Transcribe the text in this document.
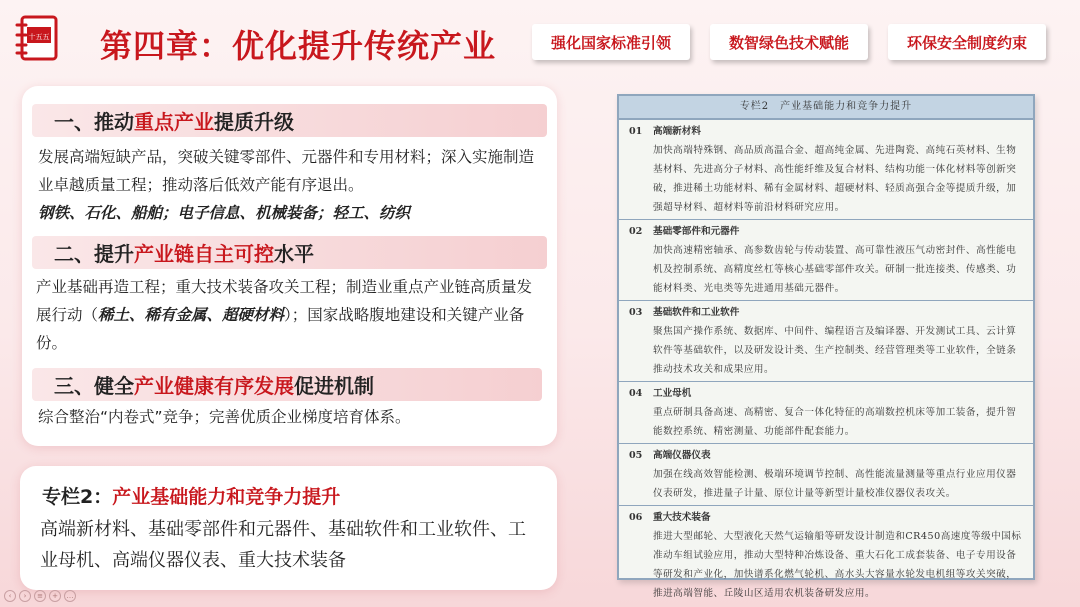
十五五 第四章：优化提升传统产业	强化国家标准引领	数智绿色技术赋能	环保安全制度约束
一、推动 重点产业 提质升级
发展高端短缺产品，突破关键零部件、元器件和专用材料；深入实施制造业卓越质量工程；推动落后低效产能有序退出。
钢铁、石化、船舶；电子信息、机械装备；轻工、纺织
二、提升 产业链自主可控 水平
产业基础再造工程；重大技术装备攻关工程；制造业重点产业链高质量发展行动（稀土、稀有金属、超硬材料）；国家战略腹地建设和关键产业备份。
三、健全 产业健康有序发展 促进机制
综合整治“内卷式”竞争；完善优质企业梯度培育体系。
专栏2：产业基础能力和竞争力提升
高端新材料、基础零部件和元器件、基础软件和工业软件、工业母机、高端仪器仪表、重大技术装备
专栏2　产业基础能力和竞争力提升
01 高端新材料
加快高端特殊钢、高品质高温合金、超高纯金属、先进陶瓷、高纯石英材料、生物基材料、先进高分子材料、高性能纤维及复合材料、结构功能一体化材料等创新突破，推进稀土功能材料、稀有金属材料、超硬材料、轻质高强合金等提质升级，加强超导材料、超材料等前沿材料研究应用。
02 基础零部件和元器件
加快高速精密轴承、高参数齿轮与传动装置、高可靠性液压气动密封件、高性能电机及控制系统、高精度丝杠等核心基础零部件攻关。研制一批连接类、传感类、功能材料类、光电类等先进通用基础元器件。
03 基础软件和工业软件
聚焦国产操作系统、数据库、中间件、编程语言及编译器、开发测试工具、云计算软件等基础软件，以及研发设计类、生产控制类、经营管理类等工业软件，全链条推动技术攻关和成果应用。
04 工业母机
重点研制具备高速、高精密、复合一体化特征的高端数控机床等加工装备，提升智能数控系统、精密测量、功能部件配套能力。
05 高端仪器仪表
加强在线高效智能检测、极端环境调节控制、高性能流量测量等重点行业应用仪器仪表研发，推进量子计量、原位计量等新型计量校准仪器仪表攻关。
06 重大技术装备
推进大型邮轮、大型液化天然气运输船等研发设计制造和CR450高速度等级中国标准动车组试验应用，推动大型特种冶炼设备、重大石化工成套装备、电子专用设备等研发和产业化，加快谱系化燃气轮机、高水头大容量水轮发电机组等攻关突破，推进高端智能、丘陵山区适用农机装备研发应用。
‹	›	≡	+	…
